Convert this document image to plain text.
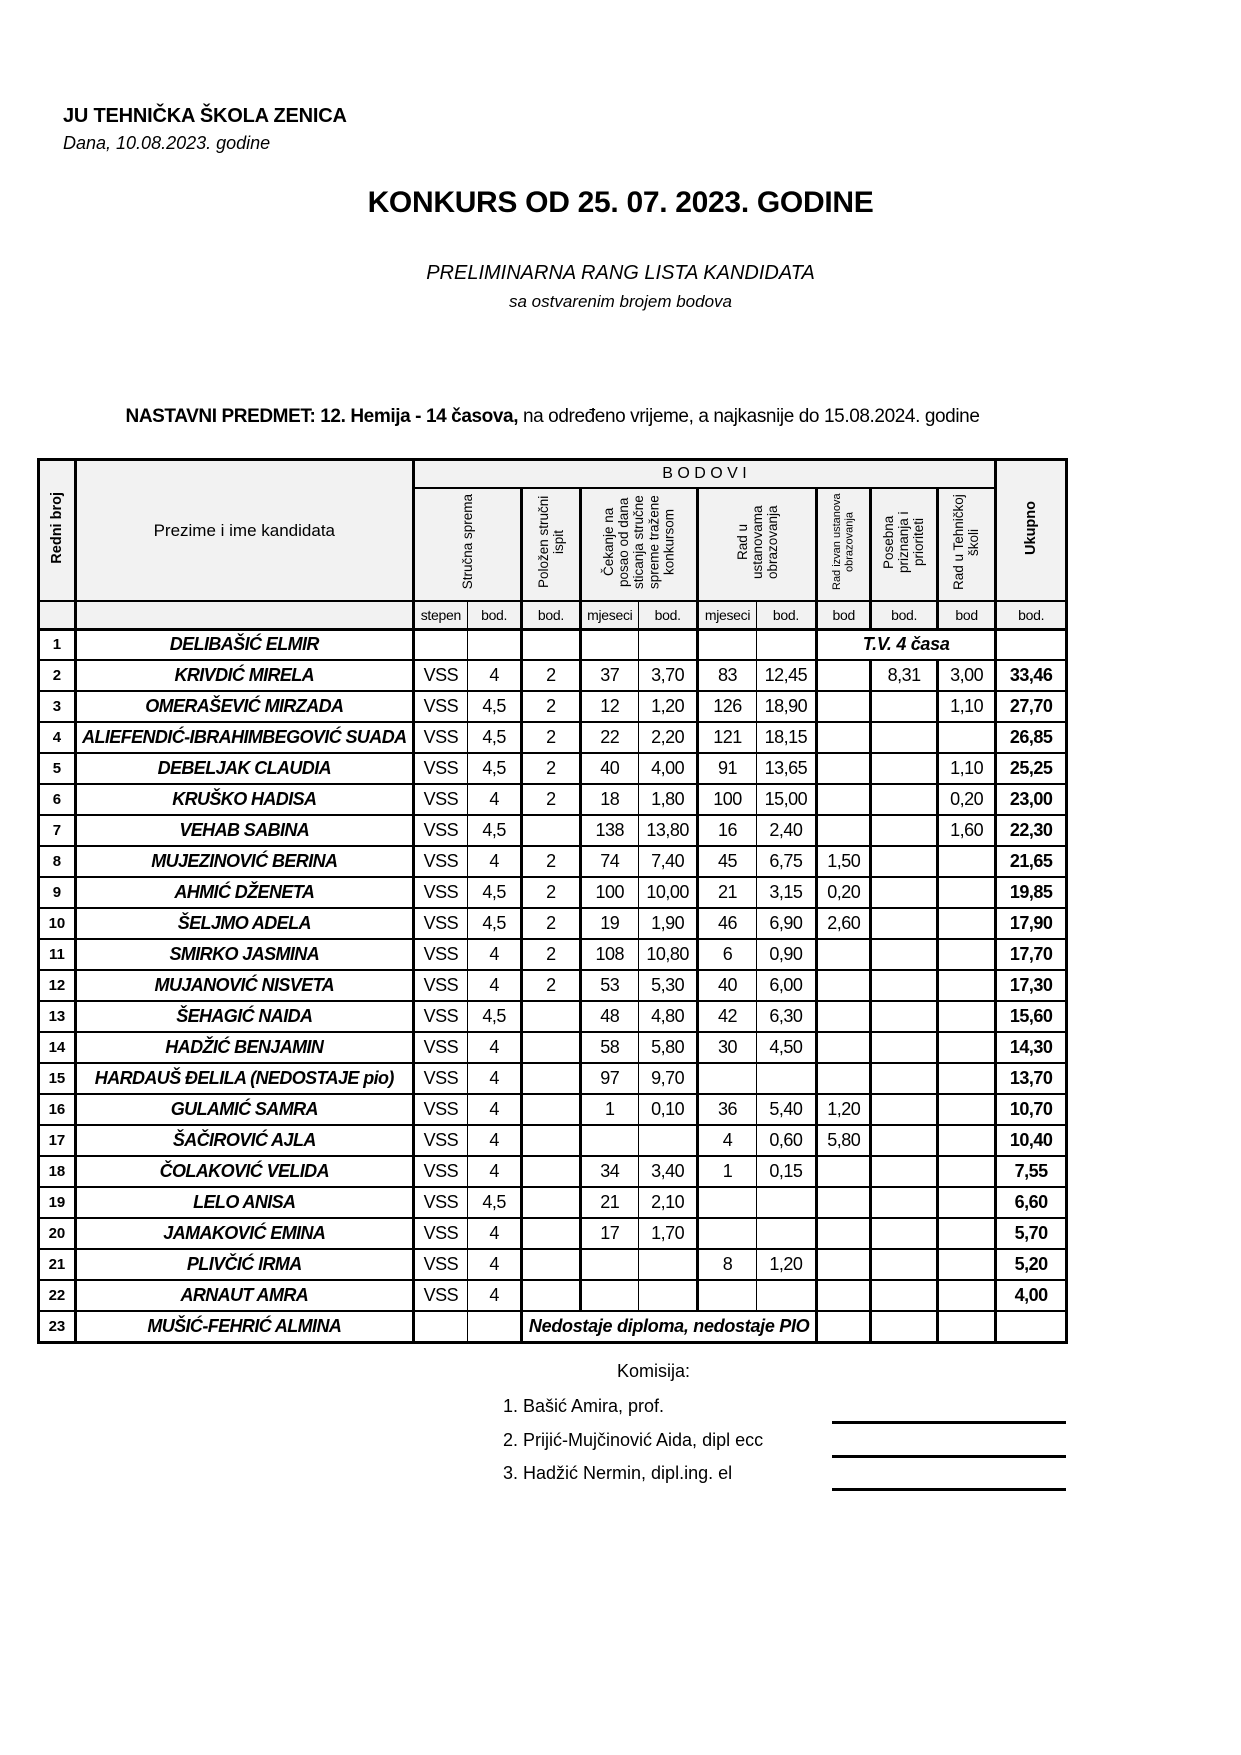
JU TEHNIČKA ŠKOLA ZENICA
Dana, 10.08.2023. godine
KONKURS OD 25. 07. 2023. GODINE
PRELIMINARNA RANG LISTA KANDIDATA
sa ostvarenim brojem bodova
NASTAVNI PREDMET: 12. Hemija - 14 časova, na određeno vrijeme, a najkasnije do 15.08.2024. godine
Redni broj	Prezime i ime kandidata	B O D O V I										Ukupno
		Stručna sprema		Položen stručni ispit	Čekanje na posao od dana sticanja stručne spreme tražene konkursom		Rad u ustanovama obrazovanja		Rad izvan ustanova obrazovanja	Posebna priznanja i prioriteti	Rad u Tehničkoj školi	
		stepen	bod.	bod.	mjeseci	bod.	mjeseci	bod.	bod	bod.	bod	bod.
1	DELIBAŠIĆ ELMIR								T.V. 4 časa			
2	KRIVDIĆ MIRELA	VSS	4	2	37	3,70	83	12,45		8,31	3,00	33,46
3	OMERAŠEVIĆ MIRZADA	VSS	4,5	2	12	1,20	126	18,90			1,10	27,70
4	ALIEFENDIĆ-IBRAHIMBEGOVIĆ SUADA	VSS	4,5	2	22	2,20	121	18,15				26,85
5	DEBELJAK CLAUDIA	VSS	4,5	2	40	4,00	91	13,65			1,10	25,25
6	KRUŠKO HADISA	VSS	4	2	18	1,80	100	15,00			0,20	23,00
7	VEHAB SABINA	VSS	4,5		138	13,80	16	2,40			1,60	22,30
8	MUJEZINOVIĆ BERINA	VSS	4	2	74	7,40	45	6,75	1,50			21,65
9	AHMIĆ DŽENETA	VSS	4,5	2	100	10,00	21	3,15	0,20			19,85
10	ŠELJMO ADELA	VSS	4,5	2	19	1,90	46	6,90	2,60			17,90
11	SMIRKO JASMINA	VSS	4	2	108	10,80	6	0,90				17,70
12	MUJANOVIĆ NISVETA	VSS	4	2	53	5,30	40	6,00				17,30
13	ŠEHAGIĆ NAIDA	VSS	4,5		48	4,80	42	6,30				15,60
14	HADŽIĆ BENJAMIN	VSS	4		58	5,80	30	4,50				14,30
15	HARDAUŠ ĐELILA (NEDOSTAJE pio)	VSS	4		97	9,70						13,70
16	GULAMIĆ SAMRA	VSS	4		1	0,10	36	5,40	1,20			10,70
17	ŠAČIROVIĆ AJLA	VSS	4				4	0,60	5,80			10,40
18	ČOLAKOVIĆ VELIDA	VSS	4		34	3,40	1	0,15				7,55
19	LELO ANISA	VSS	4,5		21	2,10						6,60
20	JAMAKOVIĆ EMINA	VSS	4		17	1,70						5,70
21	PLIVČIĆ IRMA	VSS	4				8	1,20				5,20
22	ARNAUT AMRA	VSS	4									4,00
23	MUŠIĆ-FEHRIĆ ALMINA			Nedostaje diploma, nedostaje PIO								
Komisija:
1. Bašić Amira, prof.
2. Prijić-Mujčinović Aida, dipl ecc
3. Hadžić Nermin, dipl.ing. el
